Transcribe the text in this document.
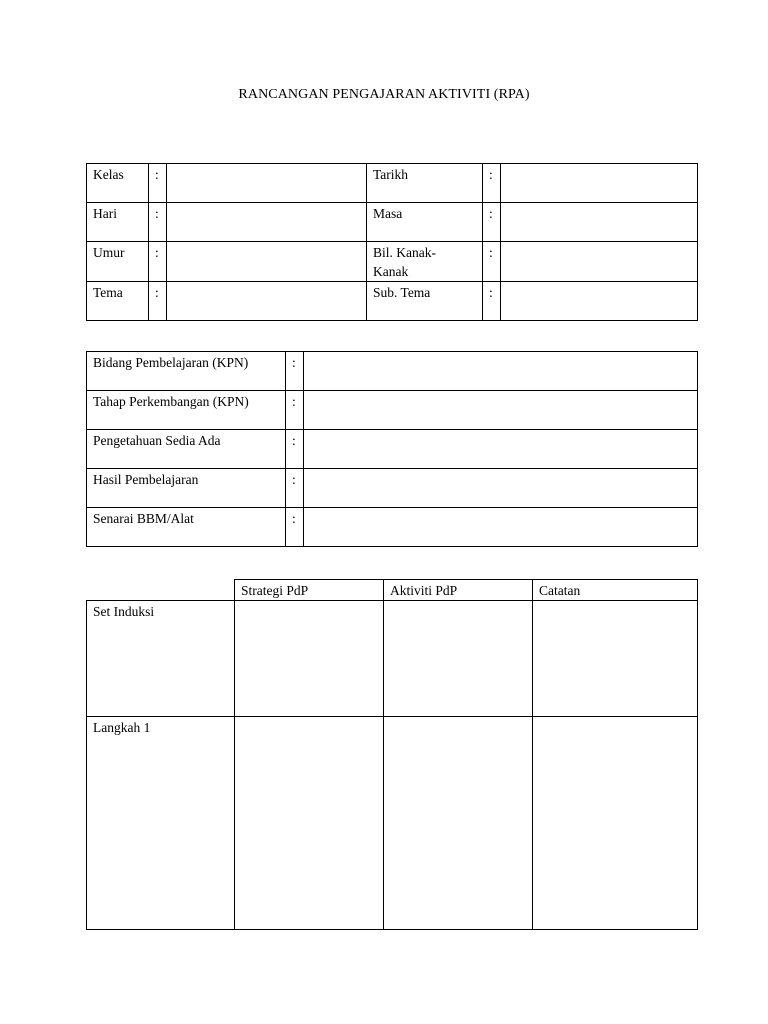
RANCANGAN PENGAJARAN AKTIVITI (RPA)
Kelas	:		Tarikh	:	
Hari	:		Masa	:	
Umur	:		Bil. Kanak-
Kanak	:	
Tema	:		Sub. Tema	:	
Bidang Pembelajaran (KPN)	:	
Tahap Perkembangan (KPN)	:	
Pengetahuan Sedia Ada	:	
Hasil Pembelajaran	:	
Senarai BBM/Alat	:	
	Strategi PdP	Aktiviti PdP	Catatan
Set Induksi			
Langkah 1			
